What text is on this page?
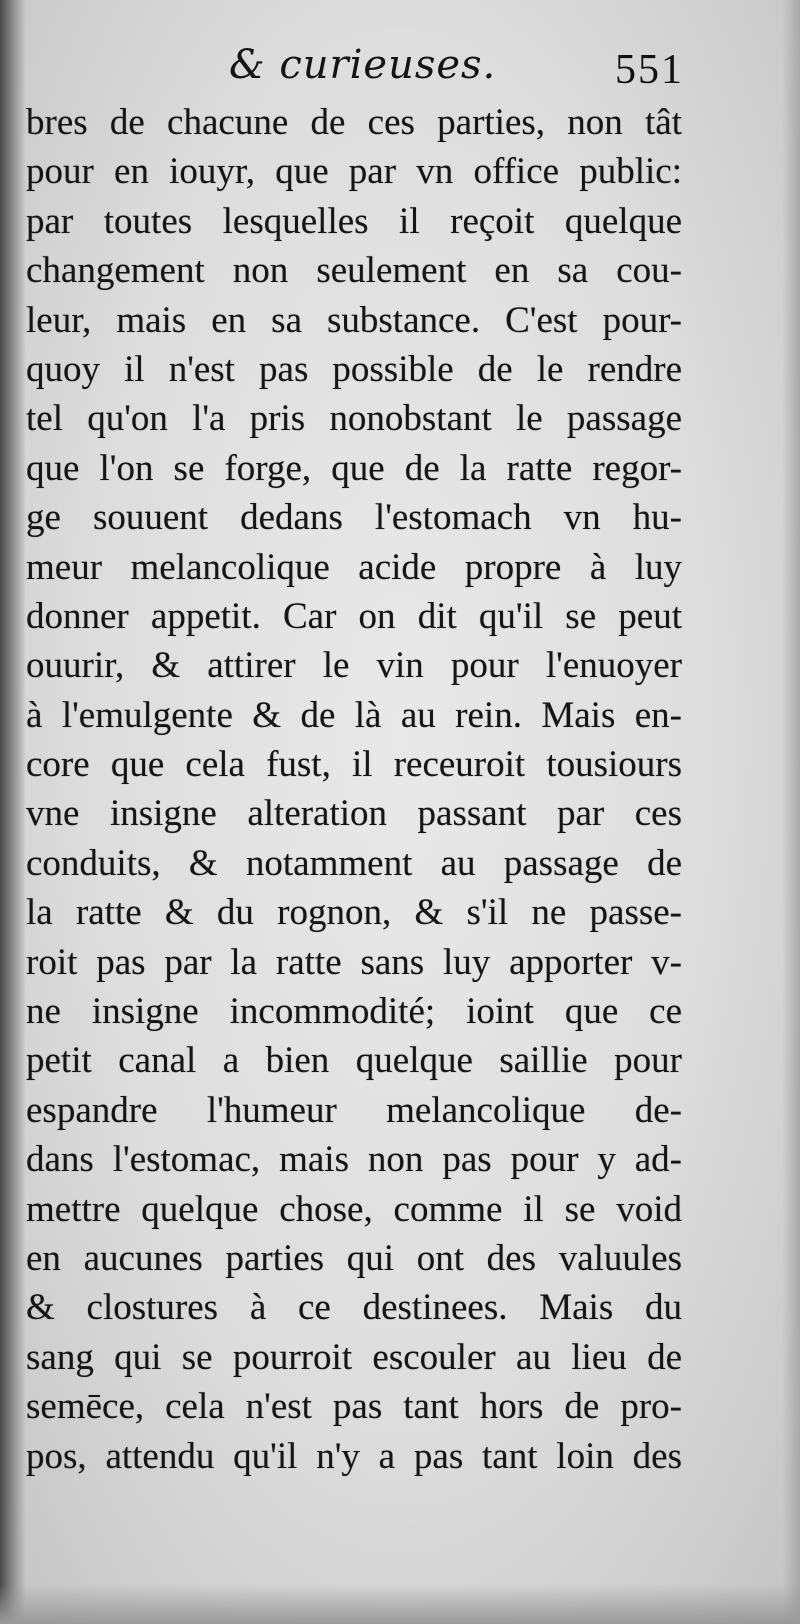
& curieuses.	551
bres de chacune de ces parties, non tât
pour en iouyr, que par vn office public:
par toutes lesquelles il reçoit quelque
changement non seulement en sa cou-
leur, mais en sa substance. C'est pour-
quoy il n'est pas possible de le rendre
tel qu'on l'a pris nonobstant le passage
que l'on se forge, que de la ratte regor-
ge souuent dedans l'estomach vn hu-
meur melancolique acide propre à luy
donner appetit. Car on dit qu'il se peut
ouurir, & attirer le vin pour l'enuoyer
à l'emulgente & de là au rein. Mais en-
core que cela fust, il receuroit tousiours
vne insigne alteration passant par ces
conduits, & notamment au passage de
la ratte & du rognon, & s'il ne passe-
roit pas par la ratte sans luy apporter v-
ne insigne incommodité; ioint que ce
petit canal a bien quelque saillie pour
espandre l'humeur melancolique de-
dans l'estomac, mais non pas pour y ad-
mettre quelque chose, comme il se void
en aucunes parties qui ont des valuules
& clostures à ce destinees. Mais du
sang qui se pourroit escouler au lieu de
semēce, cela n'est pas tant hors de pro-
pos, attendu qu'il n'y a pas tant loin des
